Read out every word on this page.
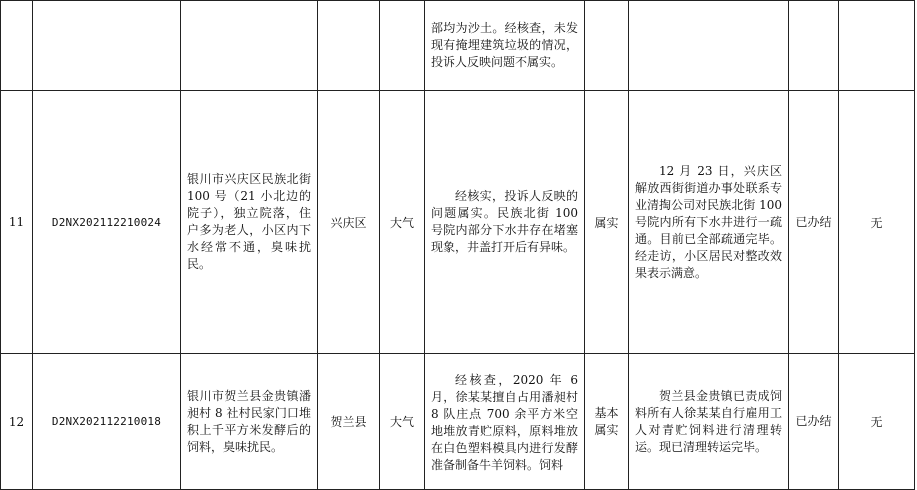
					部均为沙土。经核查，未发现有掩埋建筑垃圾的情况，投诉人反映问题不属实。				

11	D2NX202112210024	银川市兴庆区民族北街 100 号（21 小北边的院子），独立院落，住户多为老人，小区内下水经常不通，臭味扰民。	兴庆区	大气	经核实，投诉人反映的问题属实。民族北街 100 号院内部分下水井存在堵塞现象，井盖打开后有异味。	属实	12 月 23 日，兴庆区解放西街街道办事处联系专业清掏公司对民族北街 100 号院内所有下水井进行一疏通。目前已全部疏通完毕。经走访，小区居民对整改效果表示满意。	已办结	无
12	D2NX202112210018	银川市贺兰县金贵镇潘昶村 8 社村民家门口堆积上千平方米发酵后的饲料，臭味扰民。	贺兰县	大气	经核查，2020 年 6 月，徐某某擅自占用潘昶村 8 队庄点 700 余平方米空地堆放青贮原料，原料堆放在白色塑料模具内进行发酵准备制备牛羊饲料。饲料	基本属实	贺兰县金贵镇已责成饲料所有人徐某某自行雇用工人对青贮饲料进行清理转运。现已清理转运完毕。	已办结	无
